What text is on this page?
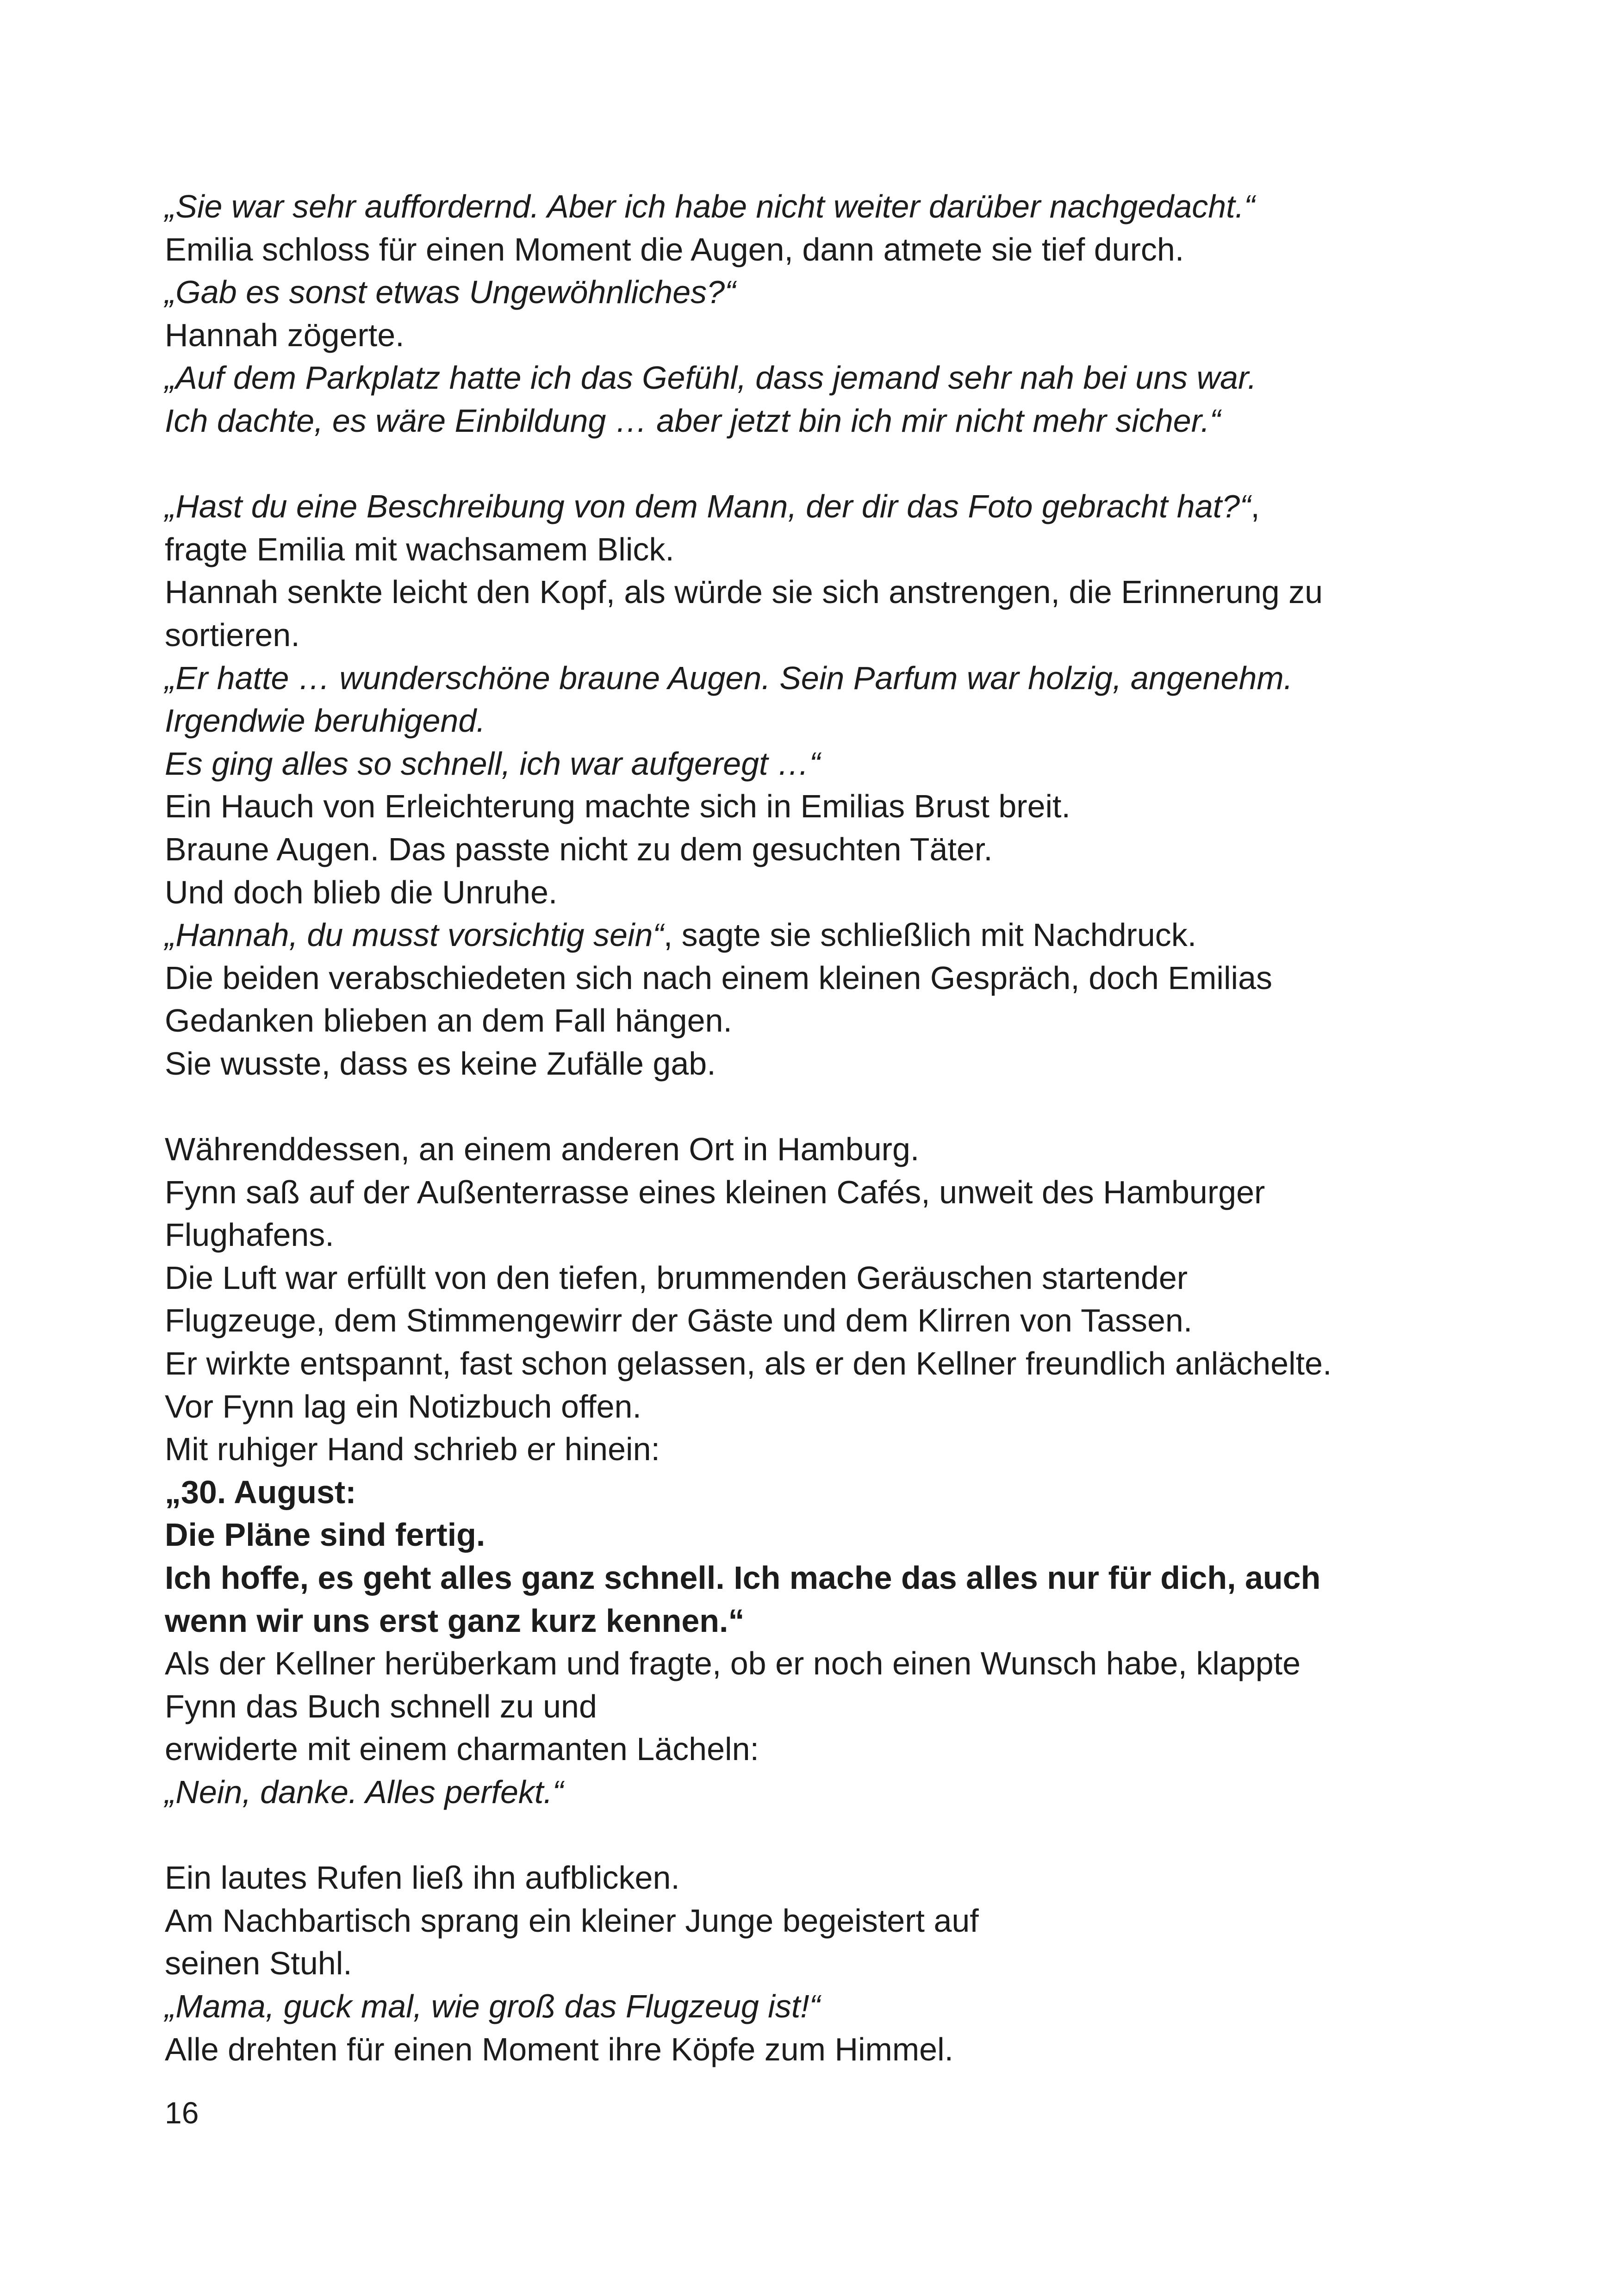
„Sie war sehr auffordernd. Aber ich habe nicht weiter darüber nachgedacht.“
Emilia schloss für einen Moment die Augen, dann atmete sie tief durch.
„Gab es sonst etwas Ungewöhnliches?“
Hannah zögerte.
„Auf dem Parkplatz hatte ich das Gefühl, dass jemand sehr nah bei uns war.
Ich dachte, es wäre Einbildung … aber jetzt bin ich mir nicht mehr sicher.“
„Hast du eine Beschreibung von dem Mann, der dir das Foto gebracht hat?“,
fragte Emilia mit wachsamem Blick.
Hannah senkte leicht den Kopf, als würde sie sich anstrengen, die Erinnerung zu
sortieren.
„Er hatte … wunderschöne braune Augen. Sein Parfum war holzig, angenehm.
Irgendwie beruhigend.
Es ging alles so schnell, ich war aufgeregt …“
Ein Hauch von Erleichterung machte sich in Emilias Brust breit.
Braune Augen. Das passte nicht zu dem gesuchten Täter.
Und doch blieb die Unruhe.
„Hannah, du musst vorsichtig sein“, sagte sie schließlich mit Nachdruck.
Die beiden verabschiedeten sich nach einem kleinen Gespräch, doch Emilias
Gedanken blieben an dem Fall hängen.
Sie wusste, dass es keine Zufälle gab.
Währenddessen, an einem anderen Ort in Hamburg.
Fynn saß auf der Außenterrasse eines kleinen Cafés, unweit des Hamburger
Flughafens.
Die Luft war erfüllt von den tiefen, brummenden Geräuschen startender
Flugzeuge, dem Stimmengewirr der Gäste und dem Klirren von Tassen.
Er wirkte entspannt, fast schon gelassen, als er den Kellner freundlich anlächelte.
Vor Fynn lag ein Notizbuch offen.
Mit ruhiger Hand schrieb er hinein:
„30. August:
Die Pläne sind fertig.
Ich hoffe, es geht alles ganz schnell. Ich mache das alles nur für dich, auch
wenn wir uns erst ganz kurz kennen.“
Als der Kellner herüberkam und fragte, ob er noch einen Wunsch habe, klappte
Fynn das Buch schnell zu und
erwiderte mit einem charmanten Lächeln:
„Nein, danke. Alles perfekt.“
Ein lautes Rufen ließ ihn aufblicken.
Am Nachbartisch sprang ein kleiner Junge begeistert auf
seinen Stuhl.
„Mama, guck mal, wie groß das Flugzeug ist!“
Alle drehten für einen Moment ihre Köpfe zum Himmel.
16
